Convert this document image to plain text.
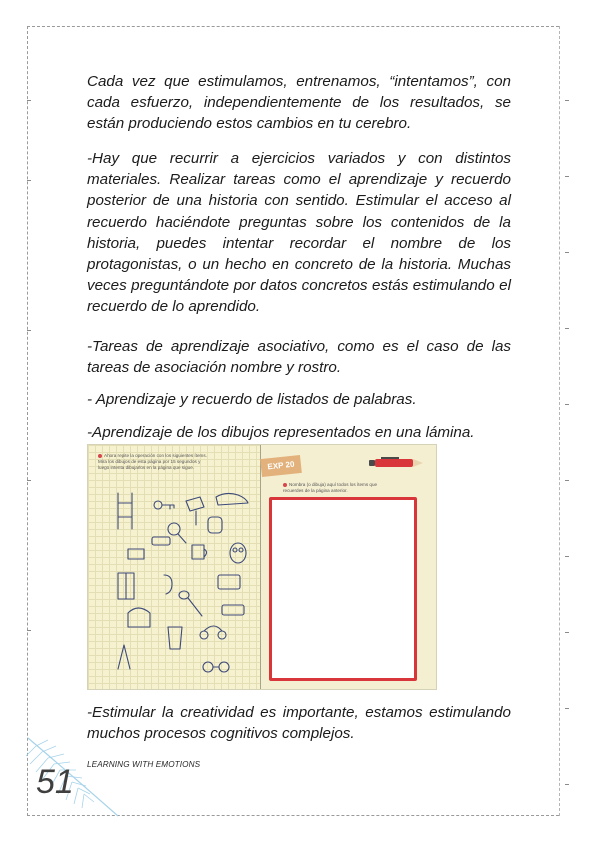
Cada vez que estimulamos, entrenamos, “intentamos”, con cada esfuerzo, independientemente de los resultados, se están produciendo estos cambios en tu cerebro.

-Hay que recurrir a ejercicios variados y con distintos materiales. Realizar tareas como el aprendizaje y recuerdo posterior de una historia con sentido. Estimular el acceso al recuerdo haciéndote preguntas sobre los contenidos de la historia, puedes intentar recordar el nombre de los protagonistas, o un hecho en concreto de la historia. Muchas veces preguntándote por datos concretos estás estimulando el recuerdo de lo aprendido.

-Tareas de aprendizaje asociativo, como es el caso de las tareas de asociación nombre y rostro.

- Aprendizaje y recuerdo de listados de palabras.

-Aprendizaje de los dibujos representados en una lámina.

Ahora repite la operación con los siguientes ítems. Mira los dibujos de esta página por 15 segundos y luego intenta dibujarlos en la página que sigue.	EXP 20
Nombra (o dibuja) aquí todos los ítems que recuerdes de la página anterior.

-Estimular la creatividad es importante, estamos estimulando muchos procesos cognitivos complejos.

LEARNING WITH EMOTIONS
51
